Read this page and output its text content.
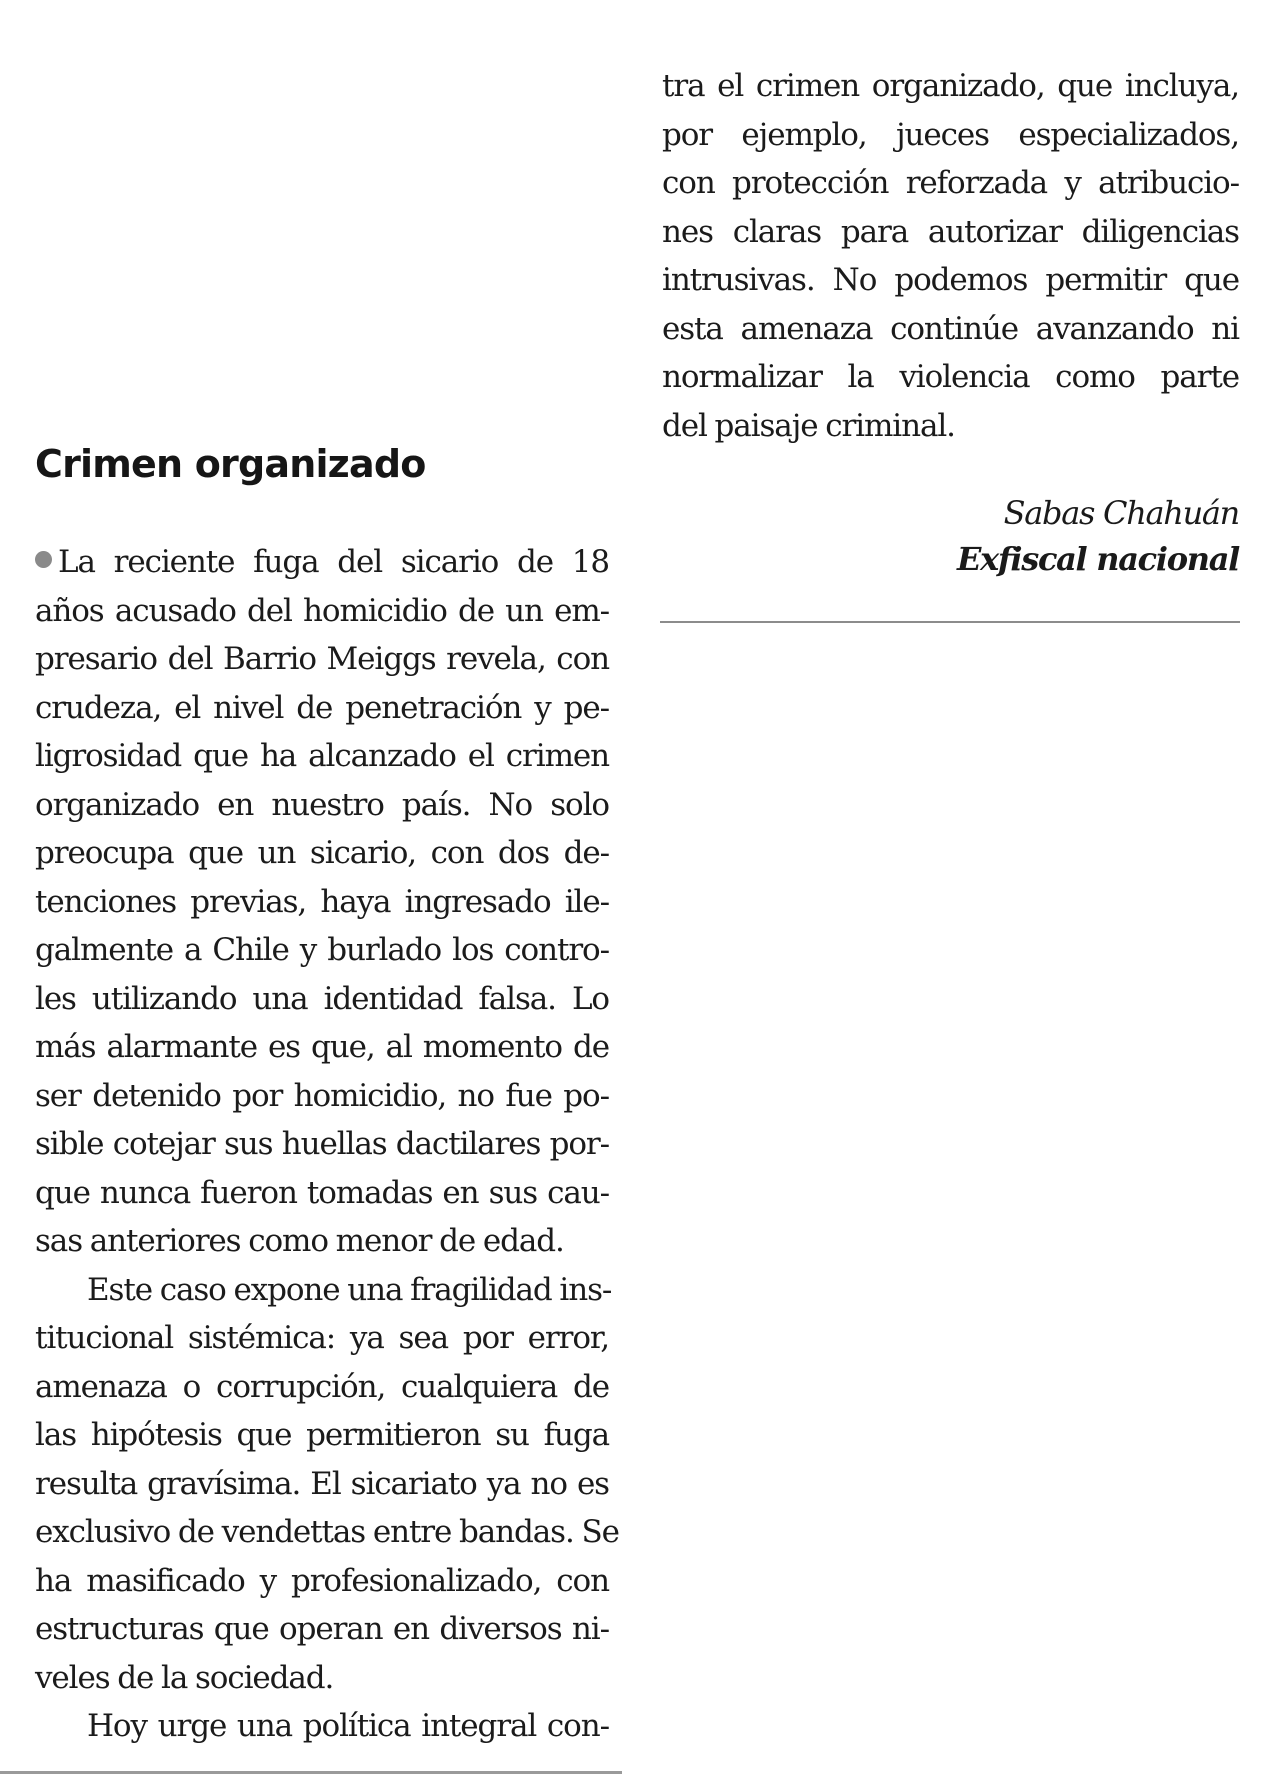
Crimen organizado
La reciente fuga del sicario de 18
años acusado del homicidio de un em-
presario del Barrio Meiggs revela, con
crudeza, el nivel de penetración y pe-
ligrosidad que ha alcanzado el crimen
organizado en nuestro país. No solo
preocupa que un sicario, con dos de-
tenciones previas, haya ingresado ile-
galmente a Chile y burlado los contro-
les utilizando una identidad falsa. Lo
más alarmante es que, al momento de
ser detenido por homicidio, no fue po-
sible cotejar sus huellas dactilares por-
que nunca fueron tomadas en sus cau-
sas anteriores como menor de edad.
Este caso expone una fragilidad ins-
titucional sistémica: ya sea por error,
amenaza o corrupción, cualquiera de
las hipótesis que permitieron su fuga
resulta gravísima. El sicariato ya no es
exclusivo de vendettas entre bandas. Se
ha masificado y profesionalizado, con
estructuras que operan en diversos ni-
veles de la sociedad.
Hoy urge una política integral con-
tra el crimen organizado, que incluya,
por ejemplo, jueces especializados,
con protección reforzada y atribucio-
nes claras para autorizar diligencias
intrusivas. No podemos permitir que
esta amenaza continúe avanzando ni
normalizar la violencia como parte
del paisaje criminal.
Sabas Chahuán
Exfiscal nacional
